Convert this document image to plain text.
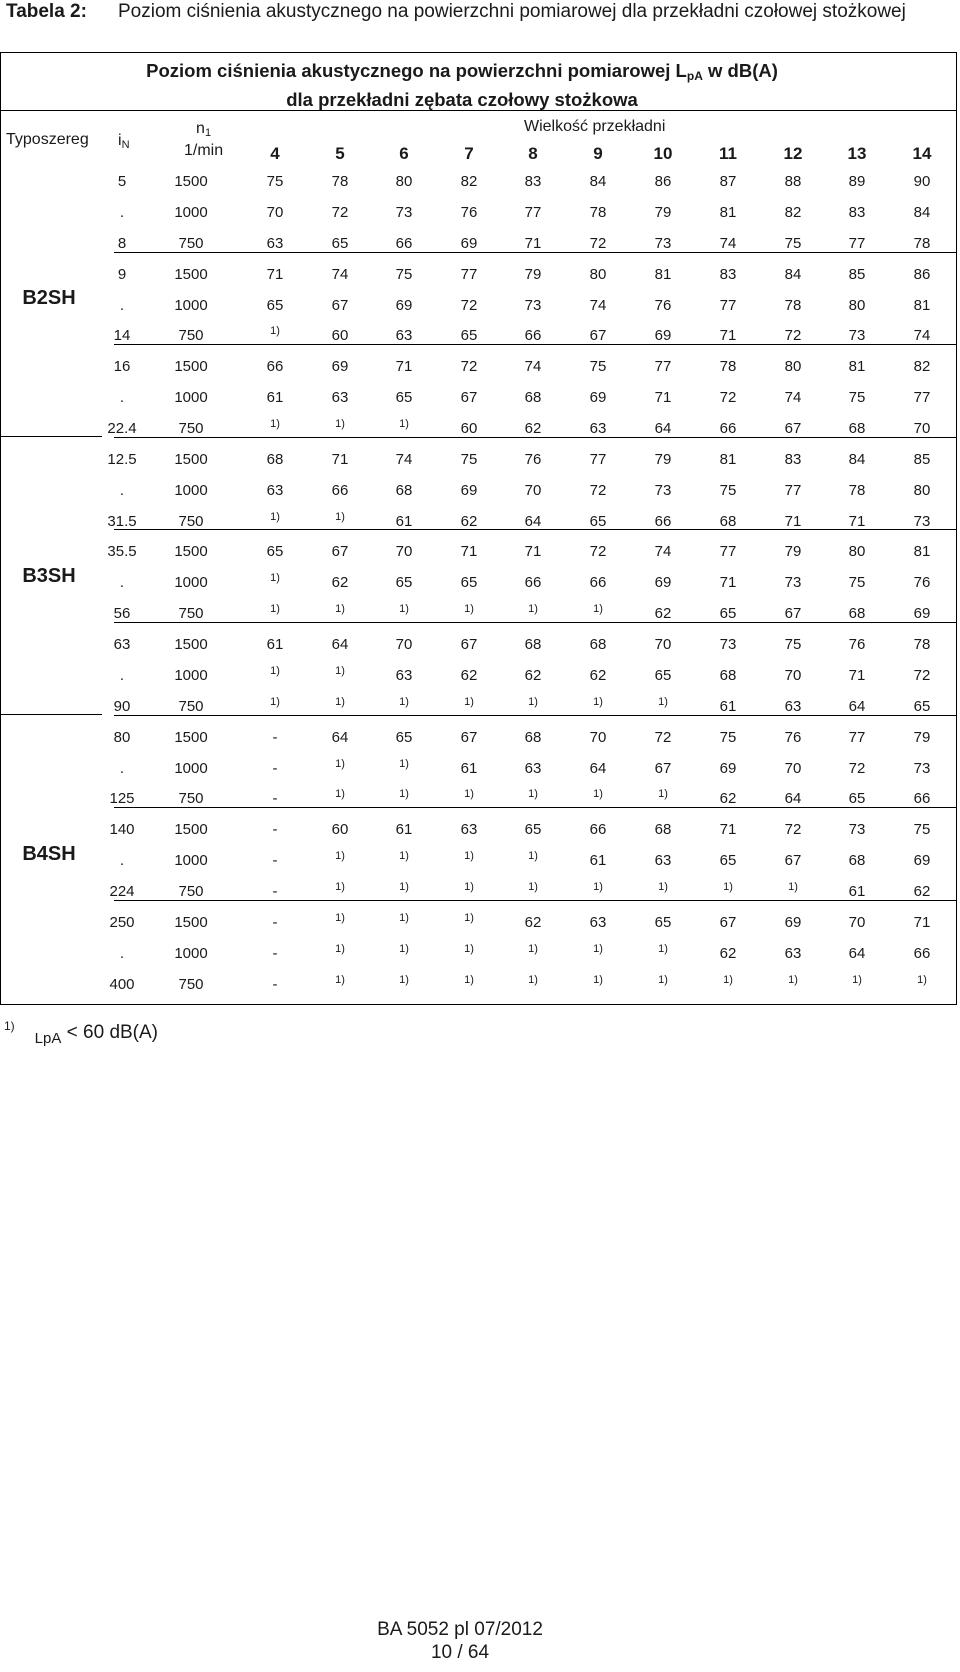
Tabela 2: Poziom ciśnienia akustycznego na powierzchni pomiarowej dla przekładni czołowej stożkowej
Poziom ciśnienia akustycznego na powierzchni pomiarowej $L_{pA}$ w dB(A)
dla przekładni zębata czołowy stożkowa
Typoszereg $i_N$
$n_1$
1/min
Wielkość przekładni
4	5	6	7	8	9	10	11	12	13	14
B2SH
5	1500	75	78	80	82	83	84	86	87	88	89	90
.	1000	70	72	73	76	77	78	79	81	82	83	84
8	750	63	65	66	69	71	72	73	74	75	77	78
9	1500	71	74	75	77	79	80	81	83	84	85	86
.	1000	65	67	69	72	73	74	76	77	78	80	81
14	750	1)	60	63	65	66	67	69	71	72	73	74
16	1500	66	69	71	72	74	75	77	78	80	81	82
.	1000	61	63	65	67	68	69	71	72	74	75	77
22.4	750	1)	1)	1)	60	62	63	64	66	67	68	70
B3SH
12.5	1500	68	71	74	75	76	77	79	81	83	84	85
.	1000	63	66	68	69	70	72	73	75	77	78	80
31.5	750	1)	1)	61	62	64	65	66	68	71	71	73
35.5	1500	65	67	70	71	71	72	74	77	79	80	81
.	1000	1)	62	65	65	66	66	69	71	73	75	76
56	750	1)	1)	1)	1)	1)	1)	62	65	67	68	69
63	1500	61	64	70	67	68	68	70	73	75	76	78
.	1000	1)	1)	63	62	62	62	65	68	70	71	72
90	750	1)	1)	1)	1)	1)	1)	1)	61	63	64	65
B4SH
80	1500	-	64	65	67	68	70	72	75	76	77	79
.	1000	-	1)	1)	61	63	64	67	69	70	72	73
125	750	-	1)	1)	1)	1)	1)	1)	62	64	65	66
140	1500	-	60	61	63	65	66	68	71	72	73	75
.	1000	-	1)	1)	1)	1)	61	63	65	67	68	69
224	750	-	1)	1)	1)	1)	1)	1)	1)	1)	61	62
250	1500	-	1)	1)	1)	62	63	65	67	69	70	71
.	1000	-	1)	1)	1)	1)	1)	1)	62	63	64	66
400	750	-	1)	1)	1)	1)	1)	1)	1)	1)	1)	1)
$^{1)}_{LpA}$ < 60 dB(A)
BA 5052 pl 07/2012
10 / 64
